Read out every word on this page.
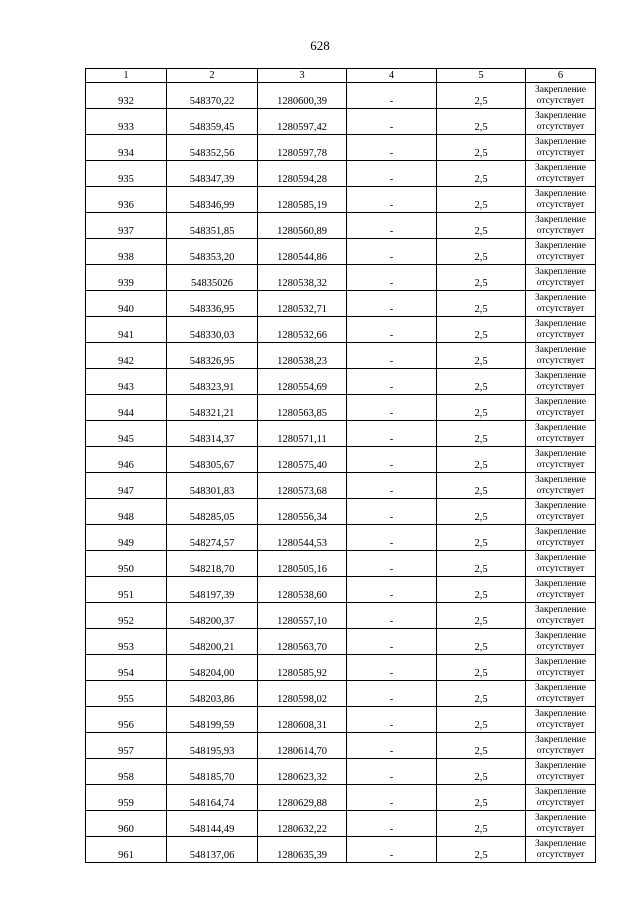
628
1	2	3	4	5	6
932	548370,22	1280600,39	-	2,5	Закрепление
отсутствует

933	548359,45	1280597,42	-	2,5	Закрепление
отсутствует

934	548352,56	1280597,78	-	2,5	Закрепление
отсутствует

935	548347,39	1280594,28	-	2,5	Закрепление
отсутствует

936	548346,99	1280585,19	-	2,5	Закрепление
отсутствует

937	548351,85	1280560,89	-	2,5	Закрепление
отсутствует

938	548353,20	1280544,86	-	2,5	Закрепление
отсутствует

939	54835026	1280538,32	-	2,5	Закрепление
отсутствует

940	548336,95	1280532,71	-	2,5	Закрепление
отсутствует

941	548330,03	1280532,66	-	2,5	Закрепление
отсутствует

942	548326,95	1280538,23	-	2,5	Закрепление
отсутствует

943	548323,91	1280554,69	-	2,5	Закрепление
отсутствует

944	548321,21	1280563,85	-	2,5	Закрепление
отсутствует

945	548314,37	1280571,11	-	2,5	Закрепление
отсутствует

946	548305,67	1280575,40	-	2,5	Закрепление
отсутствует

947	548301,83	1280573,68	-	2,5	Закрепление
отсутствует

948	548285,05	1280556,34	-	2,5	Закрепление
отсутствует

949	548274,57	1280544,53	-	2,5	Закрепление
отсутствует

950	548218,70	1280505,16	-	2,5	Закрепление
отсутствует

951	548197,39	1280538,60	-	2,5	Закрепление
отсутствует

952	548200,37	1280557,10	-	2,5	Закрепление
отсутствует

953	548200,21	1280563,70	-	2,5	Закрепление
отсутствует

954	548204,00	1280585,92	-	2,5	Закрепление
отсутствует

955	548203,86	1280598,02	-	2,5	Закрепление
отсутствует

956	548199,59	1280608,31	-	2,5	Закрепление
отсутствует

957	548195,93	1280614,70	-	2,5	Закрепление
отсутствует

958	548185,70	1280623,32	-	2,5	Закрепление
отсутствует

959	548164,74	1280629,88	-	2,5	Закрепление
отсутствует

960	548144,49	1280632,22	-	2,5	Закрепление
отсутствует

961	548137,06	1280635,39	-	2,5	Закрепление
отсутствует
